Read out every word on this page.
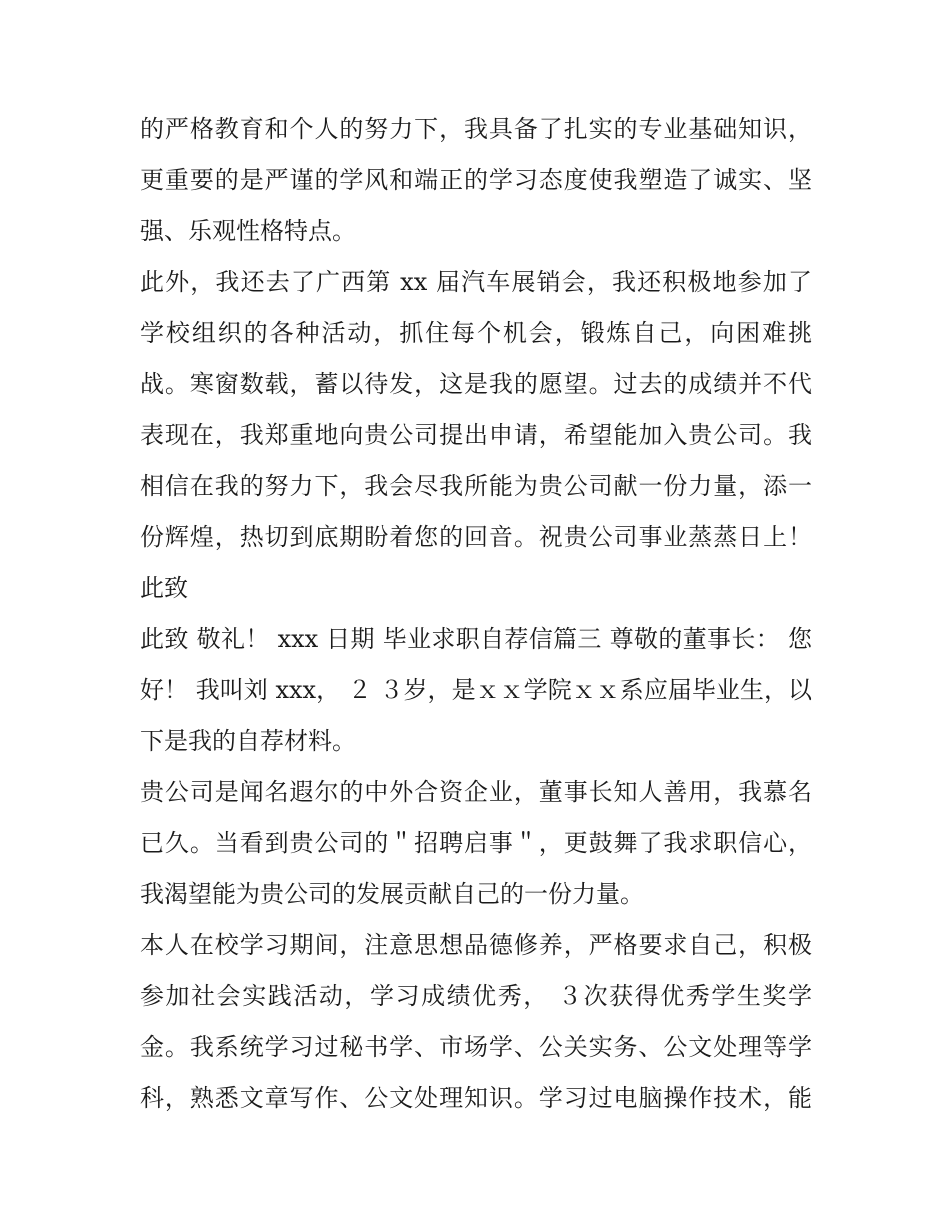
的严格教育和个人的努力下，我具备了扎实的专业基础知识，
更重要的是严谨的学风和端正的学习态度使我塑造了诚实、坚
强、乐观性格特点。
此外，我还去了广西第 xx 届汽车展销会，我还积极地参加了
学校组织的各种活动，抓住每个机会，锻炼自己，向困难挑
战。寒窗数载，蓄以待发，这是我的愿望。过去的成绩并不代
表现在，我郑重地向贵公司提出申请，希望能加入贵公司。我
相信在我的努力下，我会尽我所能为贵公司献一份力量，添一
份辉煌，热切到底期盼着您的回音。祝贵公司事业蒸蒸日上！
此致
此致 敬礼！ xxx 日期 毕业求职自荐信篇三 尊敬的董事长： 您
好！ 我叫刘 xxx， ２ ３岁，是ｘｘ学院ｘｘ系应届毕业生，以
下是我的自荐材料。
贵公司是闻名遐尔的中外合资企业，董事长知人善用，我慕名
已久。当看到贵公司的＂招聘启事＂，更鼓舞了我求职信心，
我渴望能为贵公司的发展贡献自己的一份力量。
本人在校学习期间，注意思想品德修养，严格要求自己，积极
参加社会实践活动，学习成绩优秀， ３次获得优秀学生奖学
金。我系统学习过秘书学、市场学、公关实务、公文处理等学
科，熟悉文章写作、公文处理知识。学习过电脑操作技术，能
